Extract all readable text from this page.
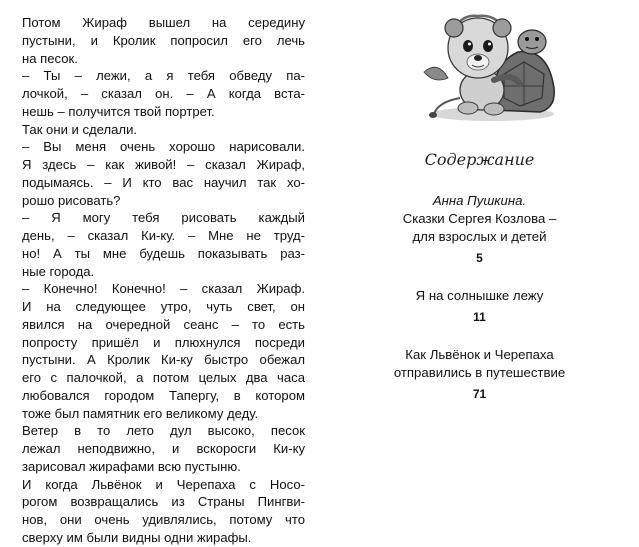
Потом Жираф вышел на середину
пустыни, и Кролик попросил его лечь
на песок.
– Ты – лежи, а я тебя обведу па-
лочкой, – сказал он. – А когда вста-
нешь – получится твой портрет.
Так они и сделали.
– Вы меня очень хорошо нарисовали.
Я здесь – как живой! – сказал Жираф,
подымаясь. – И кто вас научил так хо-
рошо рисовать?
– Я могу тебя рисовать каждый
день, – сказал Ки-ку. – Мне не труд-
но! А ты мне будешь показывать раз-
ные города.
– Конечно! Конечно! – сказал Жираф.
И на следующее утро, чуть свет, он
явился на очередной сеанс – то есть
попросту пришёл и плюхнулся посреди
пустыни. А Кролик Ки-ку быстро обежал
его с палочкой, а потом целых два часа
любовался городом Тапергу, в котором
тоже был памятник его великому деду.
Ветер в то лето дул высоко, песок
лежал неподвижно, и вскоросги Ки-ку
зарисовал жирафами всю пустыню.
И когда Львёнок и Черепаха с Носо-
рогом возвращались из Страны Пингви-
нов, они очень удивлялись, потому что
сверху им были видны одни жирафы.
Содержание
Анна Пушкина.
Сказки Сергея Козлова –
для взрослых и детей
5
Я на солнышке лежу
11
Как Львёнок и Черепаха
отправились в путешествие
71
